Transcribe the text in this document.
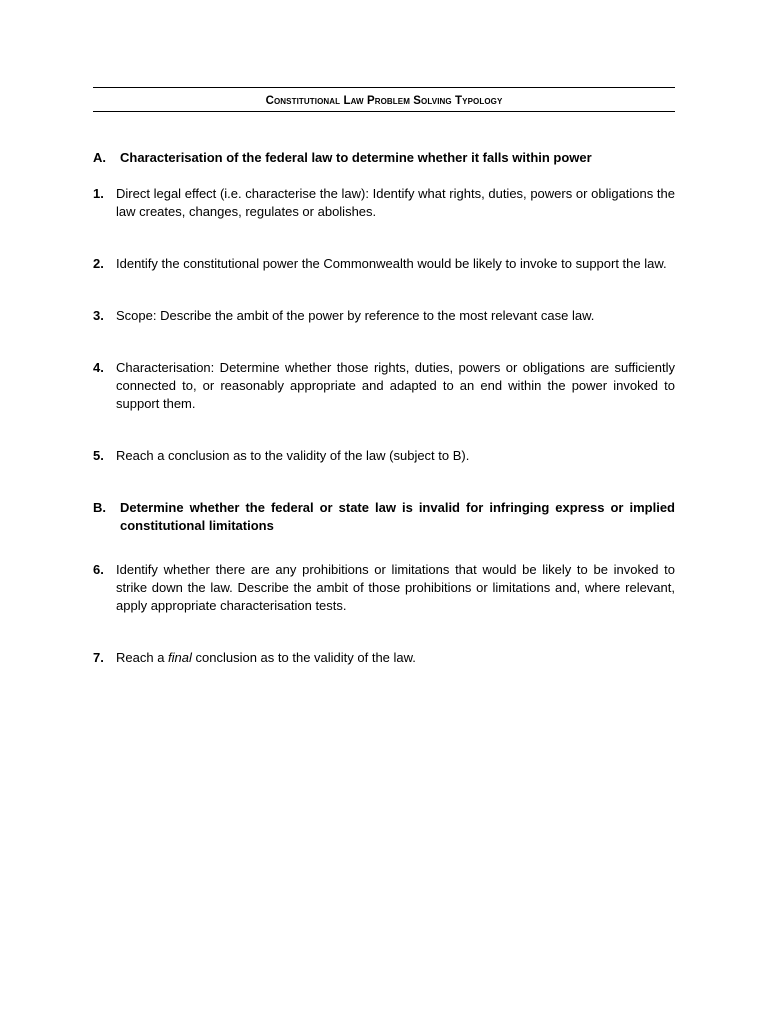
Constitutional Law Problem Solving Typology
A.	Characterisation of the federal law to determine whether it falls within power
1. Direct legal effect (i.e. characterise the law): Identify what rights, duties, powers or obligations the law creates, changes, regulates or abolishes.
2. Identify the constitutional power the Commonwealth would be likely to invoke to support the law.
3. Scope: Describe the ambit of the power by reference to the most relevant case law.
4. Characterisation: Determine whether those rights, duties, powers or obligations are sufficiently connected to, or reasonably appropriate and adapted to an end within the power invoked to support them.
5. Reach a conclusion as to the validity of the law (subject to B).
B.	Determine whether the federal or state law is invalid for infringing express or implied constitutional limitations
6. Identify whether there are any prohibitions or limitations that would be likely to be invoked to strike down the law. Describe the ambit of those prohibitions or limitations and, where relevant, apply appropriate characterisation tests.
7. Reach a final conclusion as to the validity of the law.
